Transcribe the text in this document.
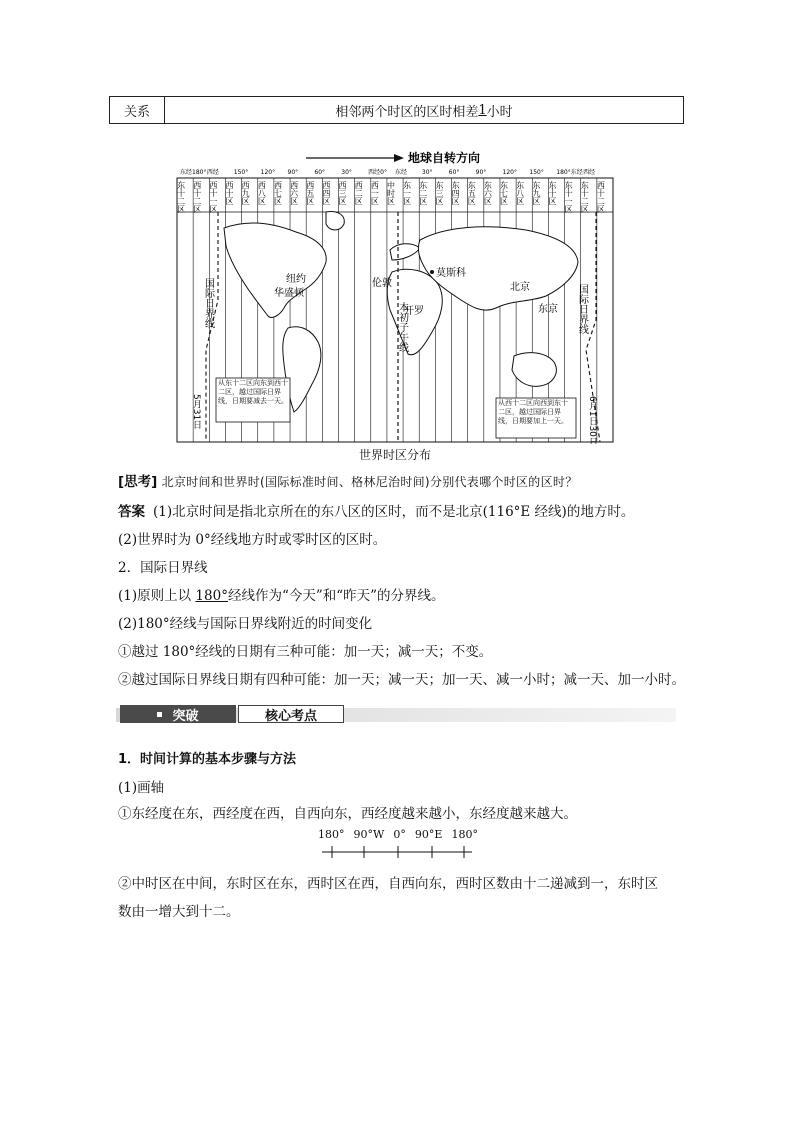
关系	相邻两个时区的区时相差 1 小时
地球自转方向
东十二区 西十二区 西十一区 西十区 西九区 西八区 西七区 西六区 西五区 西四区 西三区 西二区 西一区 中时区 东一区 东二区 东三区 东四区 东五区 东六区 东七区 东八区 东九区 东十区 东十一区 东十二区 西十二区
东经180° 西经 150° 120° 90°	60°	30°	西经0° 东经 30°	60°	90°	120° 150° 180°东经 西经
莫斯科
纽约
华盛顿
伦敦	北京
东京
开罗
本初子午线
国际日界线	国际日界线
5月31日	6月1日30日
从东十二区向东到西十二区，越过国际日界线，日期要减去一天。	从西十二区向西到东十二区，越过国际日界线，日期要加上一天。
世界时区分布
[思考] 北京时间和世界时(国际标准时间、格林尼治时间)分别代表哪个时区的区时？
答案 (1)北京时间是指北京所在的东八区的区时，而不是北京(116°E 经线)的地方时。
(2)世界时为 0°经线地方时或零时区的区时。
2．国际日界线
(1)原则上以 180°经线作为“今天”和“昨天”的分界线。
(2)180°经线与国际日界线附近的时间变化
①越过 180°经线的日期有三种可能：加一天；减一天；不变。
②越过国际日界线日期有四种可能：加一天；减一天；加一天、减一小时；减一天、加一小时。
突破	核心考点
1．时间计算的基本步骤与方法
(1)画轴
①东经度在东，西经度在西，自西向东，西经度越来越小，东经度越来越大。
180° 90°W 0° 90°E 180°
②中时区在中间，东时区在东，西时区在西，自西向东，西时区数由十二递减到一，东时区
数由一增大到十二。
